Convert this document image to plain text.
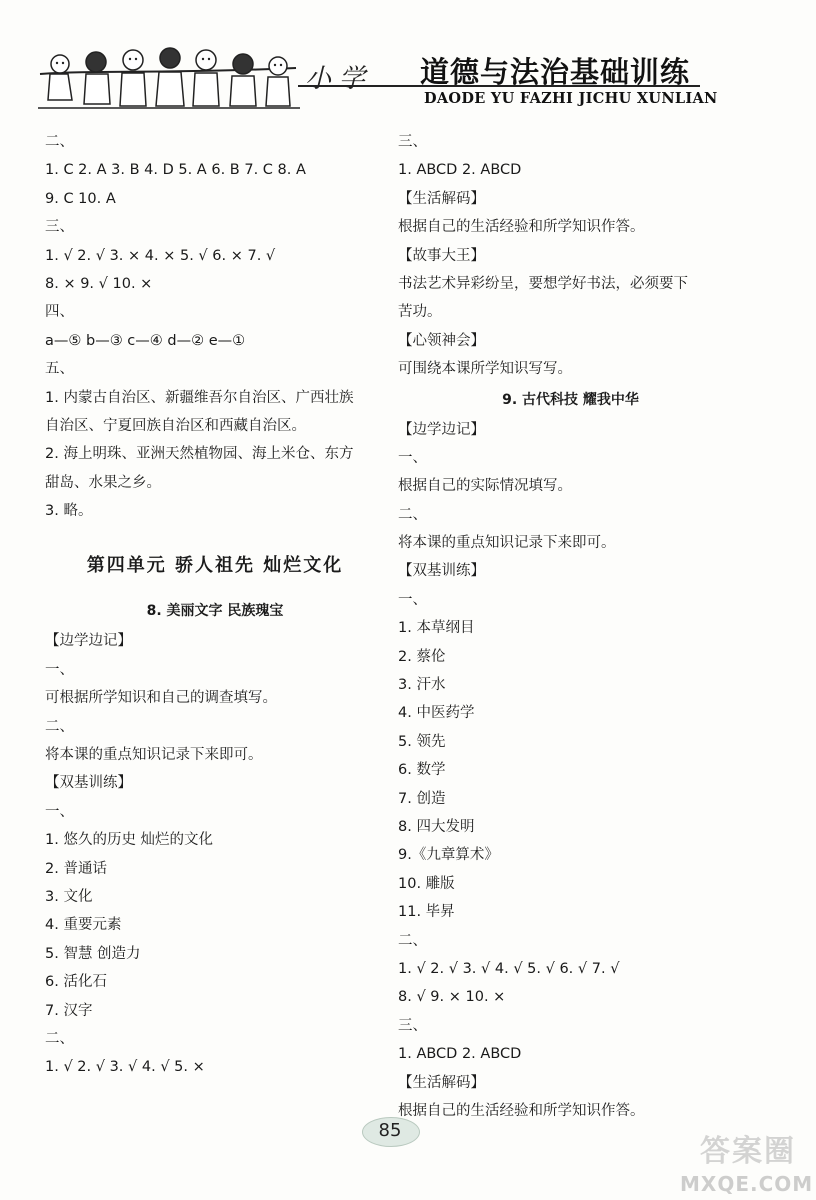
小学 道德与法治基础训练
DAODE YU FAZHI JICHU XUNLIAN
二、
1. C 2. A 3. B 4. D 5. A 6. B 7. C 8. A
9. C 10. A
三、
1. √ 2. √ 3. × 4. × 5. √ 6. × 7. √
8. × 9. √ 10. ×
四、
a—⑤ b—③ c—④ d—② e—①
五、
1. 内蒙古自治区、新疆维吾尔自治区、广西壮族
自治区、宁夏回族自治区和西藏自治区。
2. 海上明珠、亚洲天然植物园、海上米仓、东方
甜岛、水果之乡。
3. 略。
第四单元 骄人祖先 灿烂文化
8. 美丽文字 民族瑰宝
【边学边记】
一、
可根据所学知识和自己的调查填写。
二、
将本课的重点知识记录下来即可。
【双基训练】
一、
1. 悠久的历史 灿烂的文化
2. 普通话
3. 文化
4. 重要元素
5. 智慧 创造力
6. 活化石
7. 汉字
二、
1. √ 2. √ 3. √ 4. √ 5. ×
三、
1. ABCD 2. ABCD
【生活解码】
根据自己的生活经验和所学知识作答。
【故事大王】
书法艺术异彩纷呈，要想学好书法，必须要下
苦功。
【心领神会】
可围绕本课所学知识写写。
9. 古代科技 耀我中华
【边学边记】
一、
根据自己的实际情况填写。
二、
将本课的重点知识记录下来即可。
【双基训练】
一、
1. 本草纲目
2. 蔡伦
3. 汗水
4. 中医药学
5. 领先
6. 数学
7. 创造
8. 四大发明
9.《九章算术》
10. 雕版
11. 毕昇
二、
1. √ 2. √ 3. √ 4. √ 5. √ 6. √ 7. √
8. √ 9. × 10. ×
三、
1. ABCD 2. ABCD
【生活解码】
根据自己的生活经验和所学知识作答。
85
答案圈
MXQE.COM
